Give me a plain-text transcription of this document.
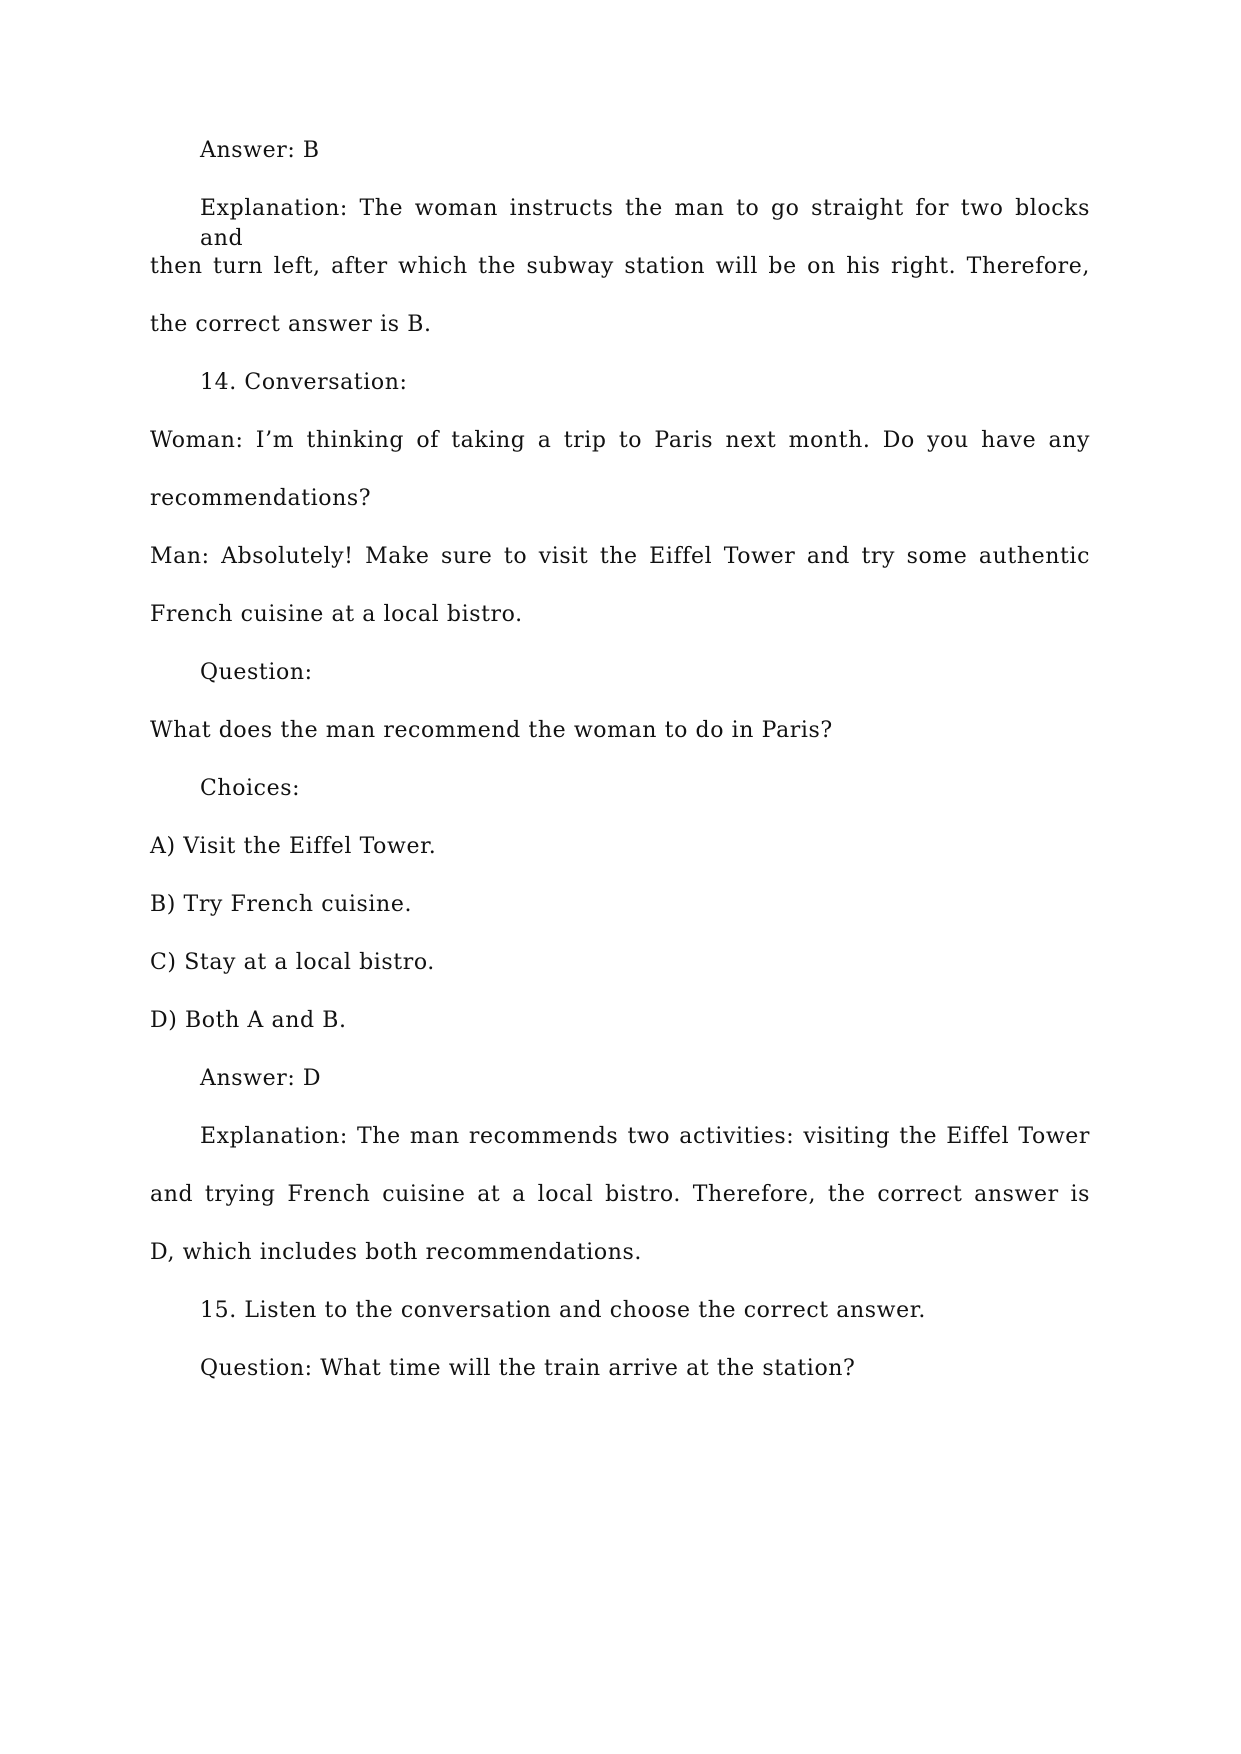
Answer: B
Explanation: The woman instructs the man to go straight for two blocks and
then turn left, after which the subway station will be on his right. Therefore,
the correct answer is B.
14. Conversation:
Woman: I’m thinking of taking a trip to Paris next month. Do you have any
recommendations?
Man: Absolutely! Make sure to visit the Eiffel Tower and try some authentic
French cuisine at a local bistro.
Question:
What does the man recommend the woman to do in Paris?
Choices:
A) Visit the Eiffel Tower.
B) Try French cuisine.
C) Stay at a local bistro.
D) Both A and B.
Answer: D
Explanation: The man recommends two activities: visiting the Eiffel Tower
and trying French cuisine at a local bistro. Therefore, the correct answer is
D, which includes both recommendations.
15. Listen to the conversation and choose the correct answer.
Question: What time will the train arrive at the station?
